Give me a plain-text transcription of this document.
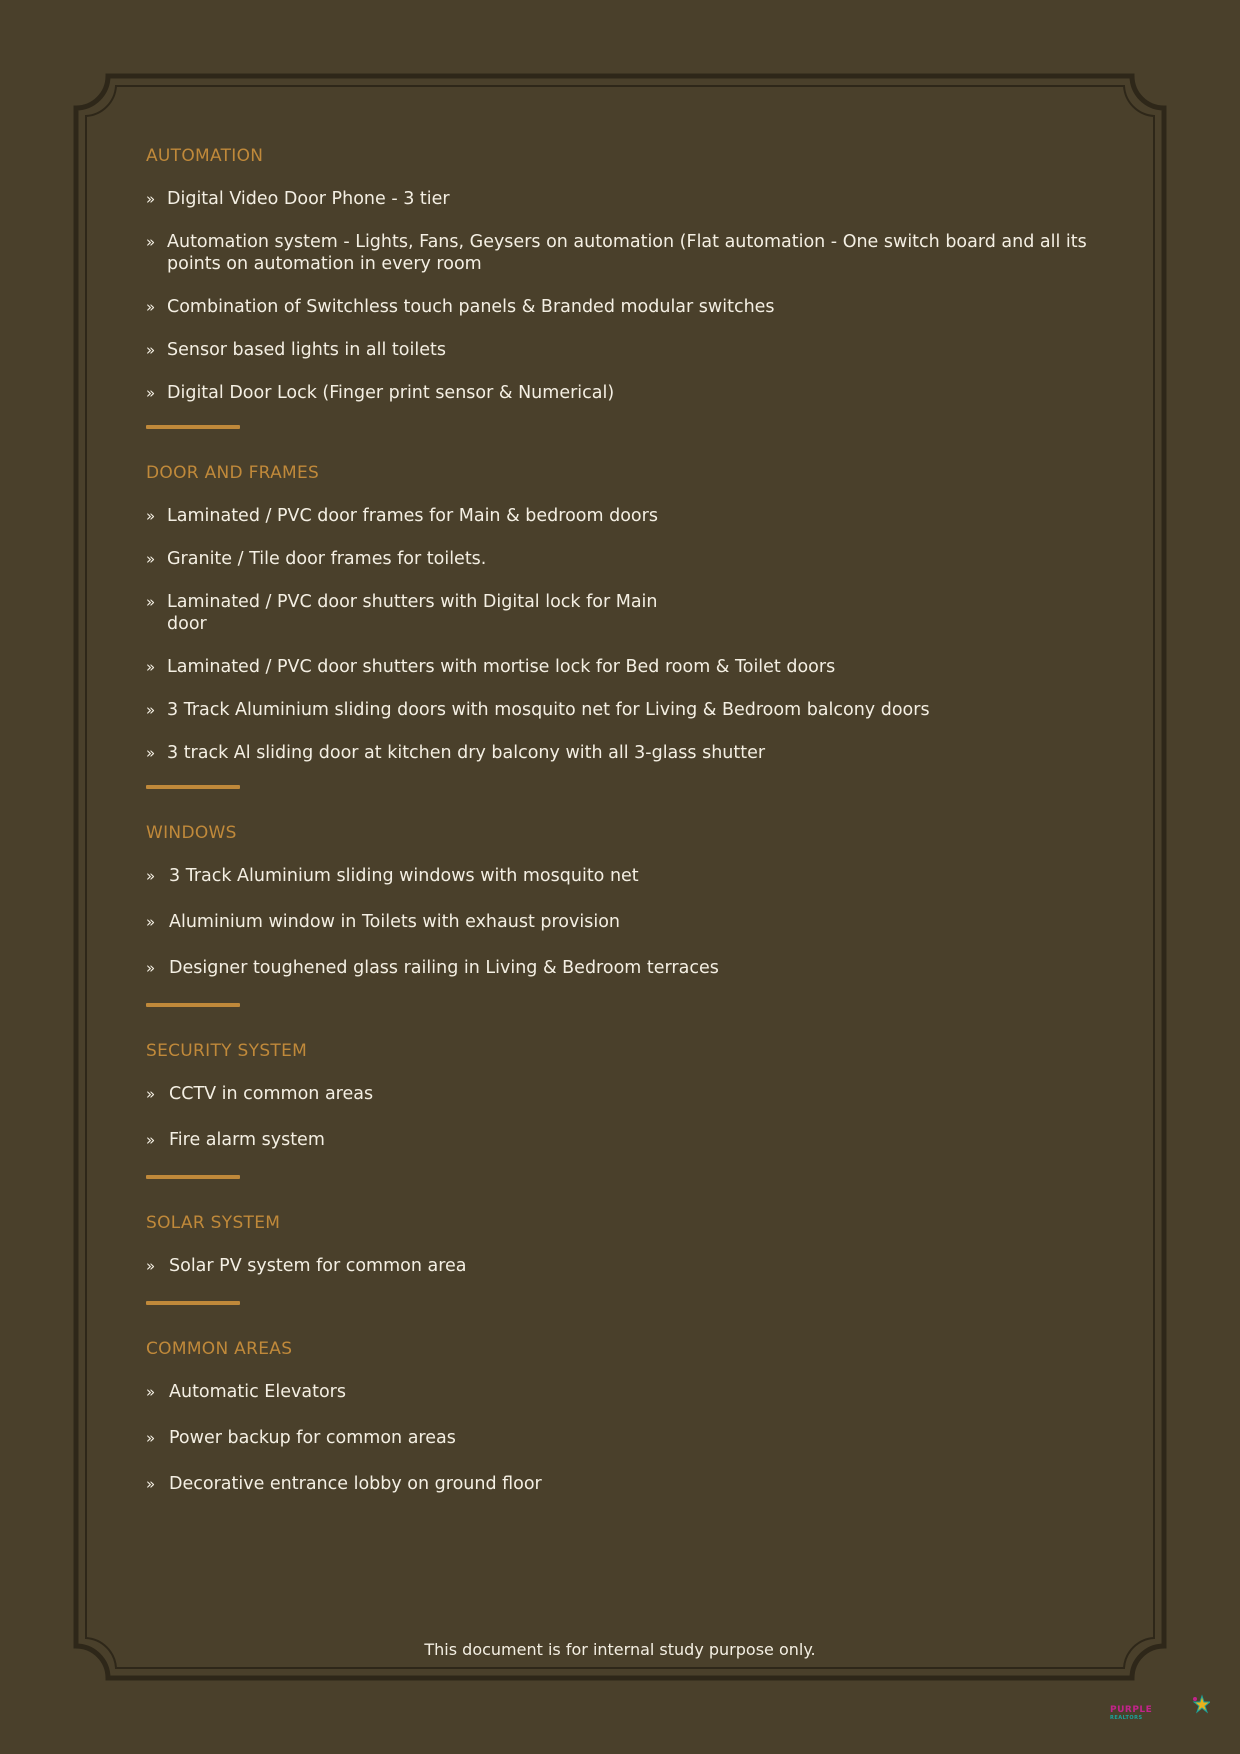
AUTOMATION
» Digital Video Door Phone - 3 tier
» Automation system - Lights, Fans, Geysers on automation (Flat automation - One switch board and all its points on automation in every room
» Combination of Switchless touch panels & Branded modular switches
» Sensor based lights in all toilets
» Digital Door Lock (Finger print sensor & Numerical)
DOOR AND FRAMES
» Laminated / PVC door frames for Main & bedroom doors
» Granite / Tile door frames for toilets.
» Laminated / PVC door shutters with Digital lock for Main door
» Laminated / PVC door shutters with mortise lock for Bed room & Toilet doors
» 3 Track Aluminium sliding doors with mosquito net for Living & Bedroom balcony doors
» 3 track Al sliding door at kitchen dry balcony with all 3-glass shutter
WINDOWS
» 3 Track Aluminium sliding windows with mosquito net
» Aluminium window in Toilets with exhaust provision
» Designer toughened glass railing in Living & Bedroom terraces
SECURITY SYSTEM
» CCTV in common areas
» Fire alarm system
SOLAR SYSTEM
» Solar PV system for common area
COMMON AREAS
» Automatic Elevators
» Power backup for common areas
» Decorative entrance lobby on ground floor
This document is for internal study purpose only.
PURPLE
REALTORS
